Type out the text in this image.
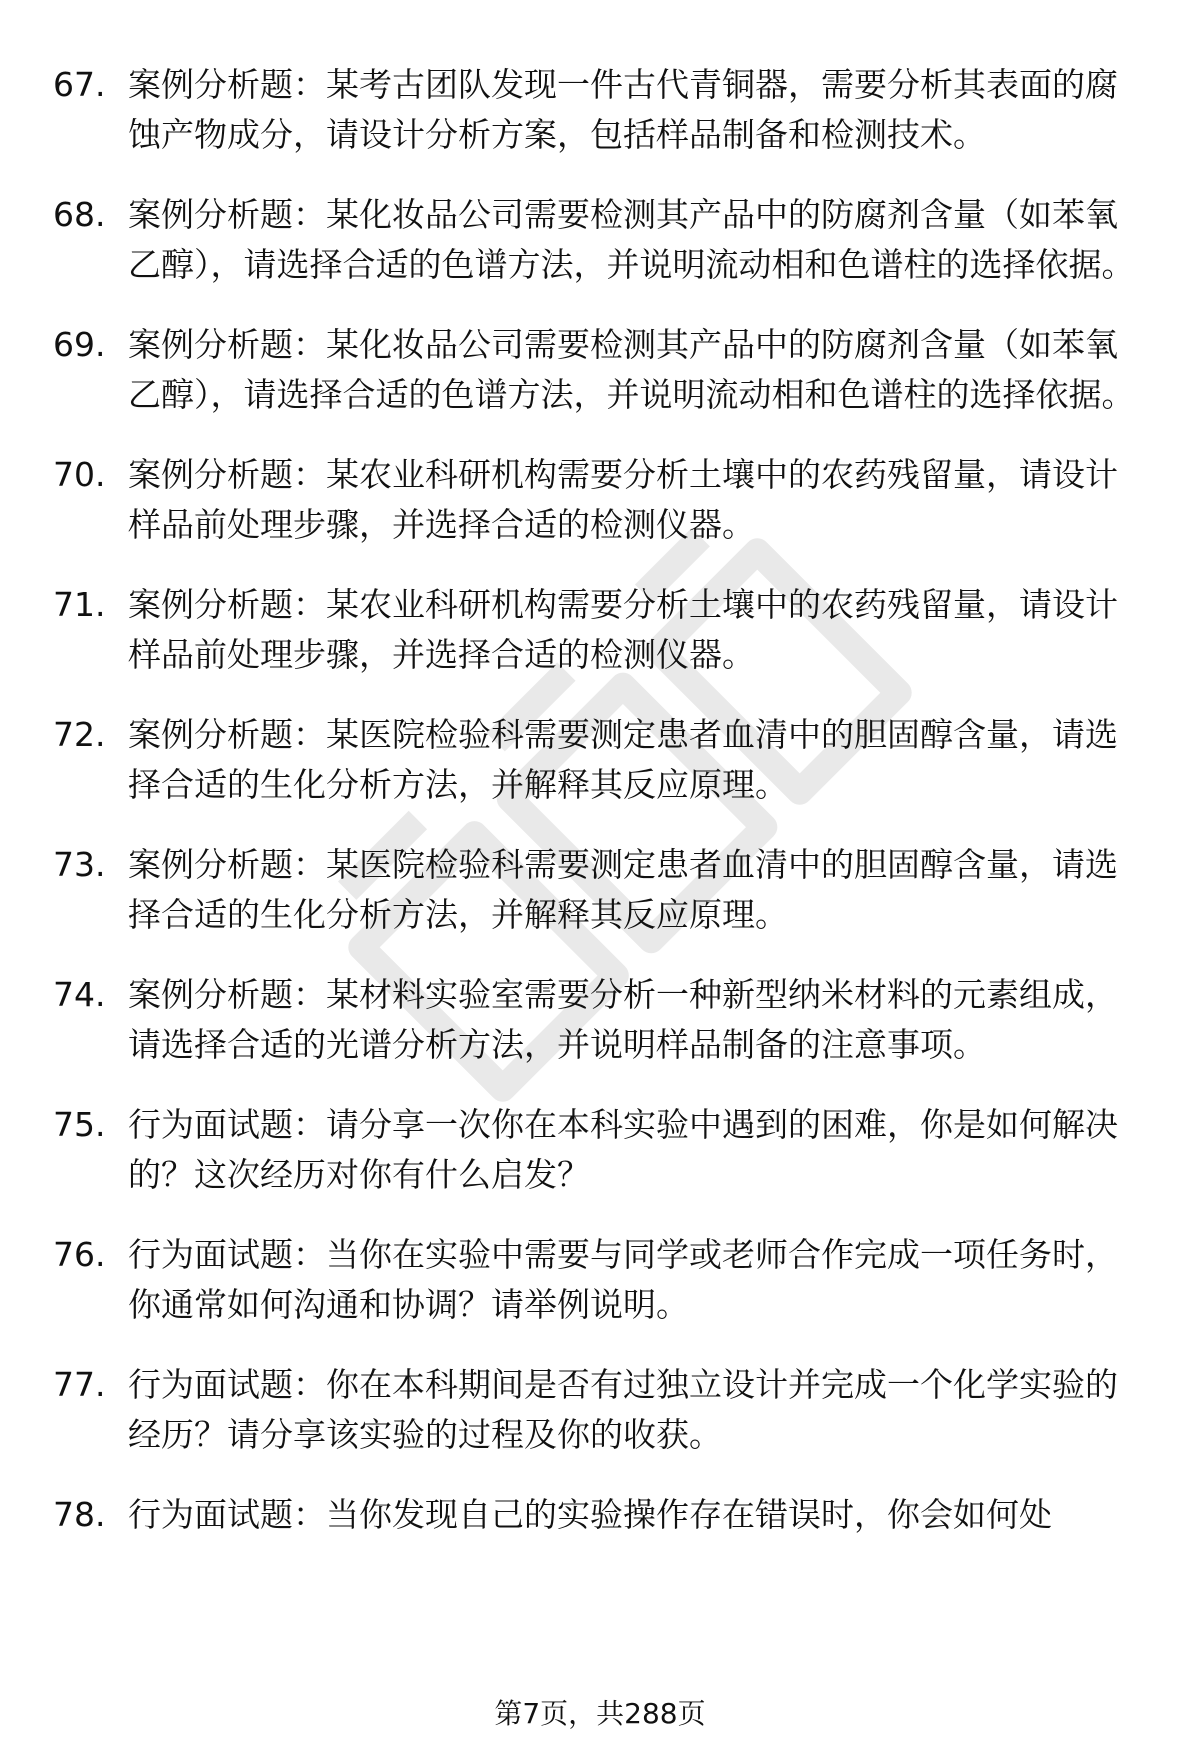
67. 案例分析题：某考古团队发现一件古代青铜器，需要分析其表面的腐蚀产物成分，请设计分析方案，包括样品制备和检测技术。
68. 案例分析题：某化妆品公司需要检测其产品中的防腐剂含量（如苯氧乙醇），请选择合适的色谱方法，并说明流动相和色谱柱的选择依据。
69. 案例分析题：某化妆品公司需要检测其产品中的防腐剂含量（如苯氧乙醇），请选择合适的色谱方法，并说明流动相和色谱柱的选择依据。
70. 案例分析题：某农业科研机构需要分析土壤中的农药残留量，请设计样品前处理步骤，并选择合适的检测仪器。
71. 案例分析题：某农业科研机构需要分析土壤中的农药残留量，请设计样品前处理步骤，并选择合适的检测仪器。
72. 案例分析题：某医院检验科需要测定患者血清中的胆固醇含量，请选择合适的生化分析方法，并解释其反应原理。
73. 案例分析题：某医院检验科需要测定患者血清中的胆固醇含量，请选择合适的生化分析方法，并解释其反应原理。
74. 案例分析题：某材料实验室需要分析一种新型纳米材料的元素组成，请选择合适的光谱分析方法，并说明样品制备的注意事项。
75. 行为面试题：请分享一次你在本科实验中遇到的困难，你是如何解决的？这次经历对你有什么启发？
76. 行为面试题：当你在实验中需要与同学或老师合作完成一项任务时，你通常如何沟通和协调？请举例说明。
77. 行为面试题：你在本科期间是否有过独立设计并完成一个化学实验的经历？请分享该实验的过程及你的收获。
78. 行为面试题：当你发现自己的实验操作存在错误时，你会如何处
第7页，共288页
